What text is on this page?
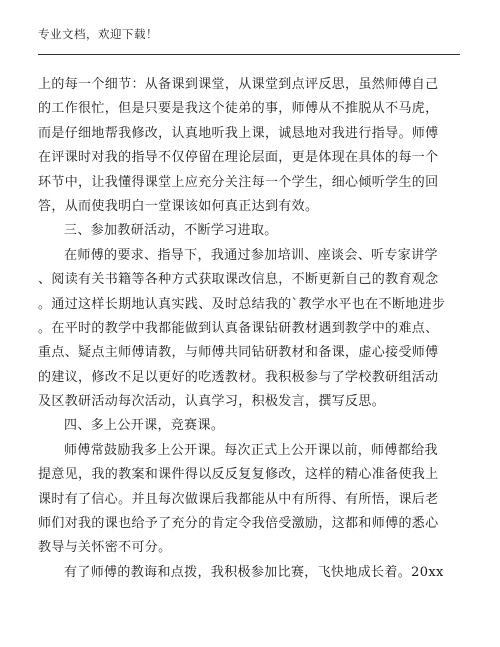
专业文档，欢迎下载！
上的每一个细节：从备课到课堂，从课堂到点评反思，虽然师傅自己
的工作很忙，但是只要是我这个徒弟的事，师傅从不推脱从不马虎，
而是仔细地帮我修改，认真地听我上课，诚恳地对我进行指导。师傅
在评课时对我的指导不仅停留在理论层面，更是体现在具体的每一个
环节中，让我懂得课堂上应充分关注每一个学生，细心倾听学生的回
答，从而使我明白一堂课该如何真正达到有效。
三、参加教研活动，不断学习进取。
在师傅的要求、指导下，我通过参加培训、座谈会、听专家讲学
、阅读有关书籍等各种方式获取课改信息，不断更新自己的教育观念
。通过这样长期地认真实践、及时总结我的`教学水平也在不断地进步
。在平时的教学中我都能做到认真备课钻研教材遇到教学中的难点、
重点、疑点主师傅请教，与师傅共同钻研教材和备课，虚心接受师傅
的建议，修改不足以更好的吃透教材。我积极参与了学校教研组活动
及区教研活动每次活动，认真学习，积极发言，撰写反思。
四、多上公开课，竞赛课。
师傅常鼓励我多上公开课。每次正式上公开课以前，师傅都给我
提意见，我的教案和课件得以反反复复修改，这样的精心准备使我上
课时有了信心。并且每次做课后我都能从中有所得、有所悟，课后老
师们对我的课也给予了充分的肯定令我倍受激励，这都和师傅的悉心
教导与关怀密不可分。
有了师傅的教诲和点拨，我积极参加比赛，飞快地成长着。20xx
